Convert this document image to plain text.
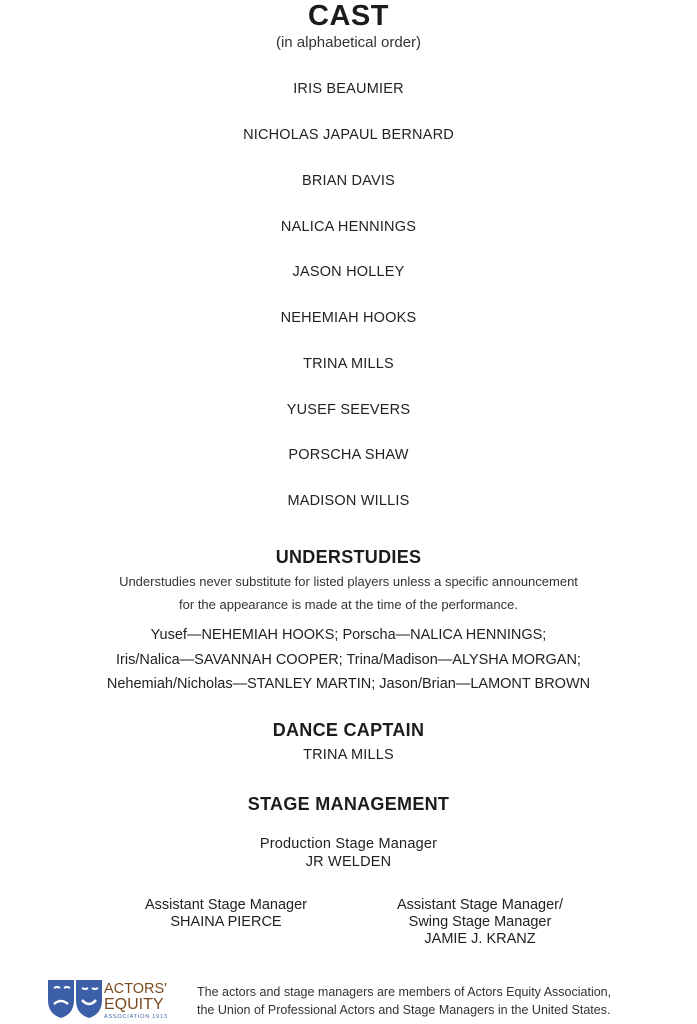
CAST
(in alphabetical order)
IRIS BEAUMIER
NICHOLAS JAPAUL BERNARD
BRIAN DAVIS
NALICA HENNINGS
JASON HOLLEY
NEHEMIAH HOOKS
TRINA MILLS
YUSEF SEEVERS
PORSCHA SHAW
MADISON WILLIS
UNDERSTUDIES
Understudies never substitute for listed players unless a specific announcement
for the appearance is made at the time of the performance.
Yusef—NEHEMIAH HOOKS; Porscha—NALICA HENNINGS;
Iris/Nalica—SAVANNAH COOPER; Trina/Madison—ALYSHA MORGAN;
Nehemiah/Nicholas—STANLEY MARTIN; Jason/Brian—LAMONT BROWN
DANCE CAPTAIN
TRINA MILLS
STAGE MANAGEMENT
Production Stage Manager
JR WELDEN
Assistant Stage Manager
SHAINA PIERCE
Assistant Stage Manager/
Swing Stage Manager
JAMIE J. KRANZ
ACTORS'
EQUITY
ASSOCIATION 1913
The actors and stage managers are members of Actors Equity Association,
the Union of Professional Actors and Stage Managers in the United States.
